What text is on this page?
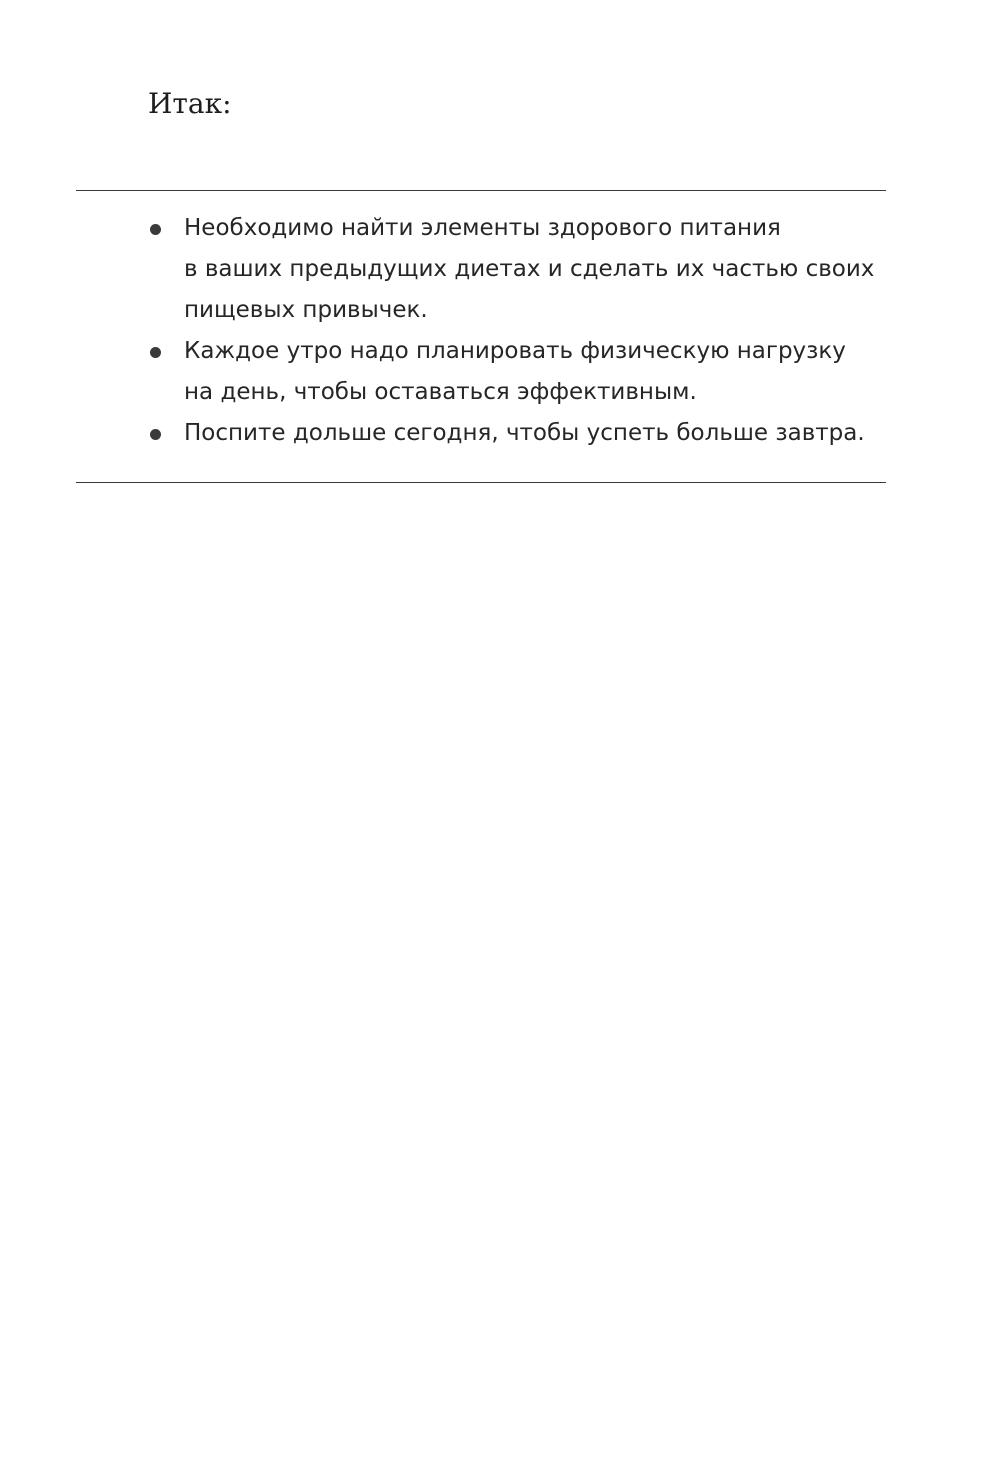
Итак:

Необходимо найти элементы здорового питания
в ваших предыдущих диетах и сделать их частью своих
пищевых привычек.
Каждое утро надо планировать физическую нагрузку
на день, чтобы оставаться эффективным.
Поспите дольше сегодня, чтобы успеть больше завтра.
